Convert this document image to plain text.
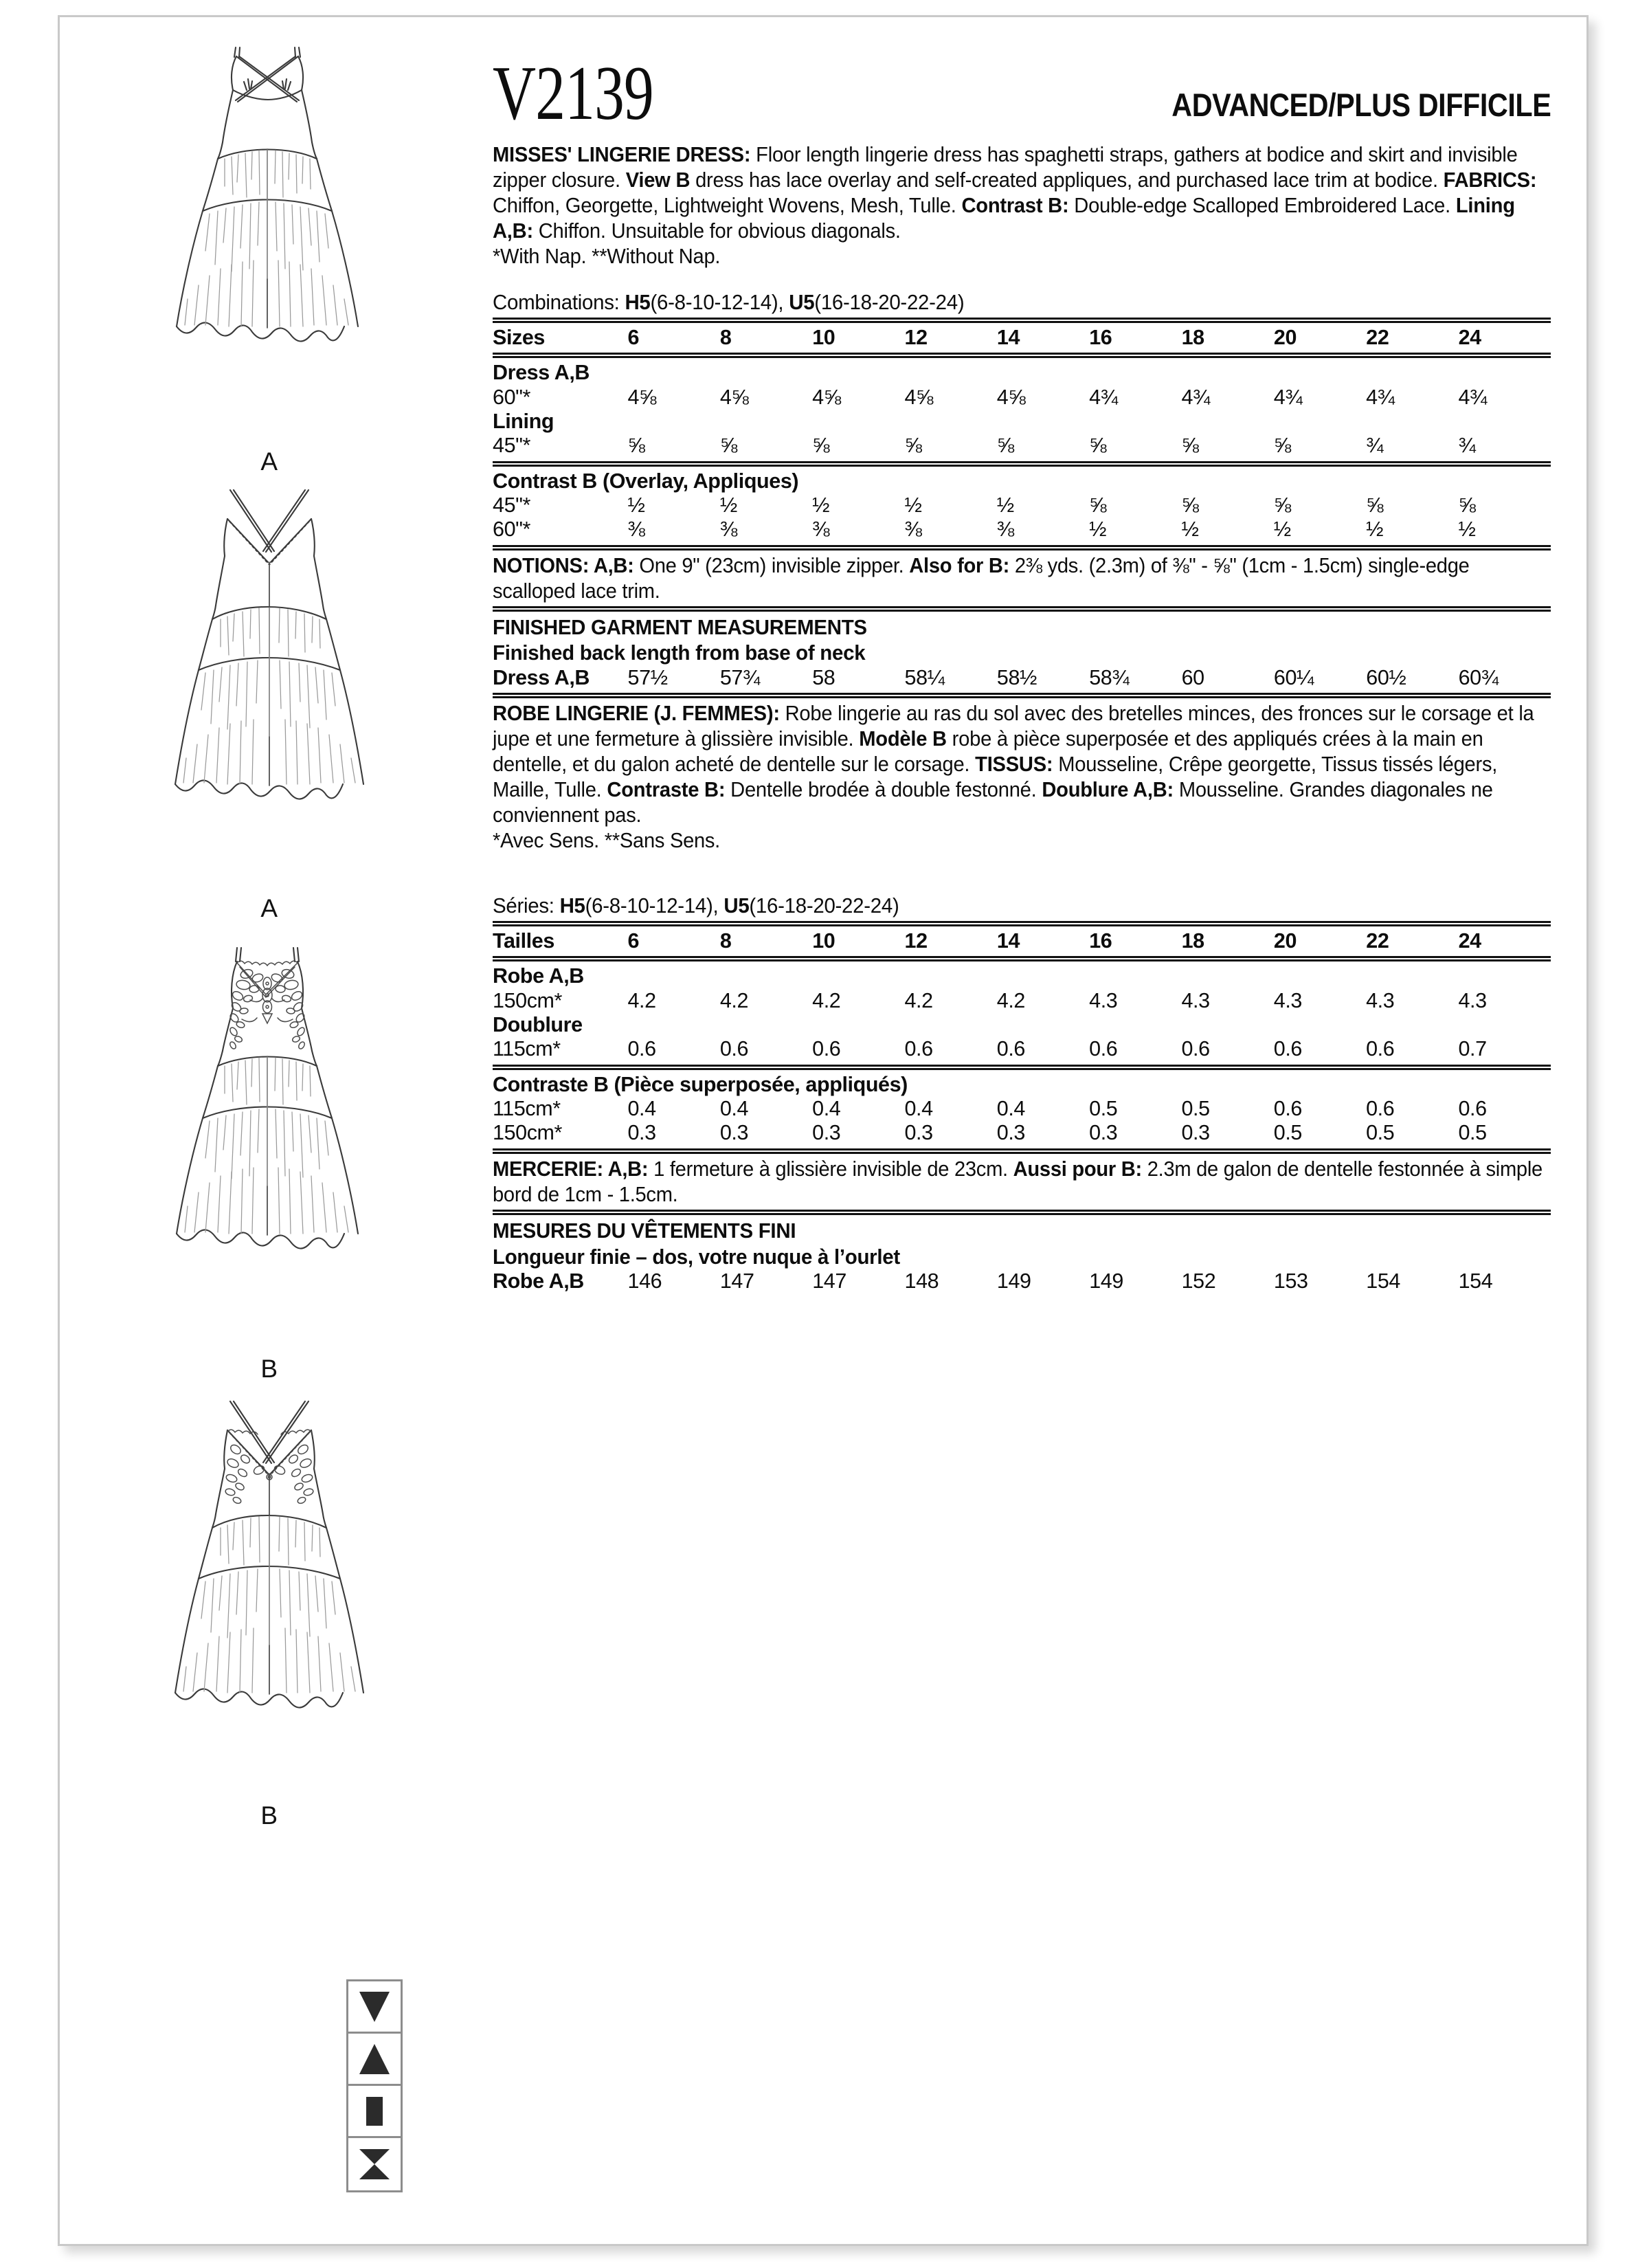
A
A
B
B
V2139	ADVANCED/PLUS DIFFICILE
MISSES' LINGERIE DRESS: Floor length lingerie dress has spaghetti straps, gathers at bodice and skirt and invisible zipper closure. View B dress has lace overlay and self-created appliques, and purchased lace trim at bodice. FABRICS: Chiffon, Georgette, Lightweight Wovens, Mesh, Tulle. Contrast B: Double-edge Scalloped Embroidered Lace. Lining A,B: Chiffon. Unsuitable for obvious diagonals.
*With Nap. **Without Nap.
Combinations: H5(6-8-10-12-14), U5(16-18-20-22-24)
Sizes	6	8	10	12	14	16	18	20	22	24
Dress A,B										
60"*	4⅝	4⅝	4⅝	4⅝	4⅝	4¾	4¾	4¾	4¾	4¾
Lining										
45"*	⅝	⅝	⅝	⅝	⅝	⅝	⅝	⅝	¾	¾
Contrast B (Overlay, Appliques)										
45"*	½	½	½	½	½	⅝	⅝	⅝	⅝	⅝
60"*	⅜	⅜	⅜	⅜	⅜	½	½	½	½	½
NOTIONS: A,B: One 9" (23cm) invisible zipper. Also for B: 2⅜ yds. (2.3m) of ⅜" - ⅝" (1cm - 1.5cm) single-edge scalloped lace trim.
FINISHED GARMENT MEASUREMENTS
Finished back length from base of neck
Dress A,B	57½	57¾	58	58¼	58½	58¾	60	60¼	60½	60¾
ROBE LINGERIE (J. FEMMES): Robe lingerie au ras du sol avec des bretelles minces, des fronces sur le corsage et la jupe et une fermeture à glissière invisible. Modèle B robe à pièce superposée et des appliqués crées à la main en dentelle, et du galon acheté de dentelle sur le corsage. TISSUS: Mousseline, Crêpe georgette, Tissus tissés légers, Maille, Tulle. Contraste B: Dentelle brodée à double festonné. Doublure A,B: Mousseline. Grandes diagonales ne conviennent pas.
*Avec Sens. **Sans Sens.
Séries: H5(6-8-10-12-14), U5(16-18-20-22-24)
Tailles	6	8	10	12	14	16	18	20	22	24
Robe A,B										
150cm*	4.2	4.2	4.2	4.2	4.2	4.3	4.3	4.3	4.3	4.3
Doublure										
115cm*	0.6	0.6	0.6	0.6	0.6	0.6	0.6	0.6	0.6	0.7
Contraste B (Pièce superposée, appliqués)										
115cm*	0.4	0.4	0.4	0.4	0.4	0.5	0.5	0.6	0.6	0.6
150cm*	0.3	0.3	0.3	0.3	0.3	0.3	0.3	0.5	0.5	0.5
MERCERIE: A,B: 1 fermeture à glissière invisible de 23cm. Aussi pour B: 2.3m de galon de dentelle festonnée à simple bord de 1cm - 1.5cm.
MESURES DU VÊTEMENTS FINI
Longueur finie – dos, votre nuque à l’ourlet
Robe A,B	146	147	147	148	149	149	152	153	154	154
